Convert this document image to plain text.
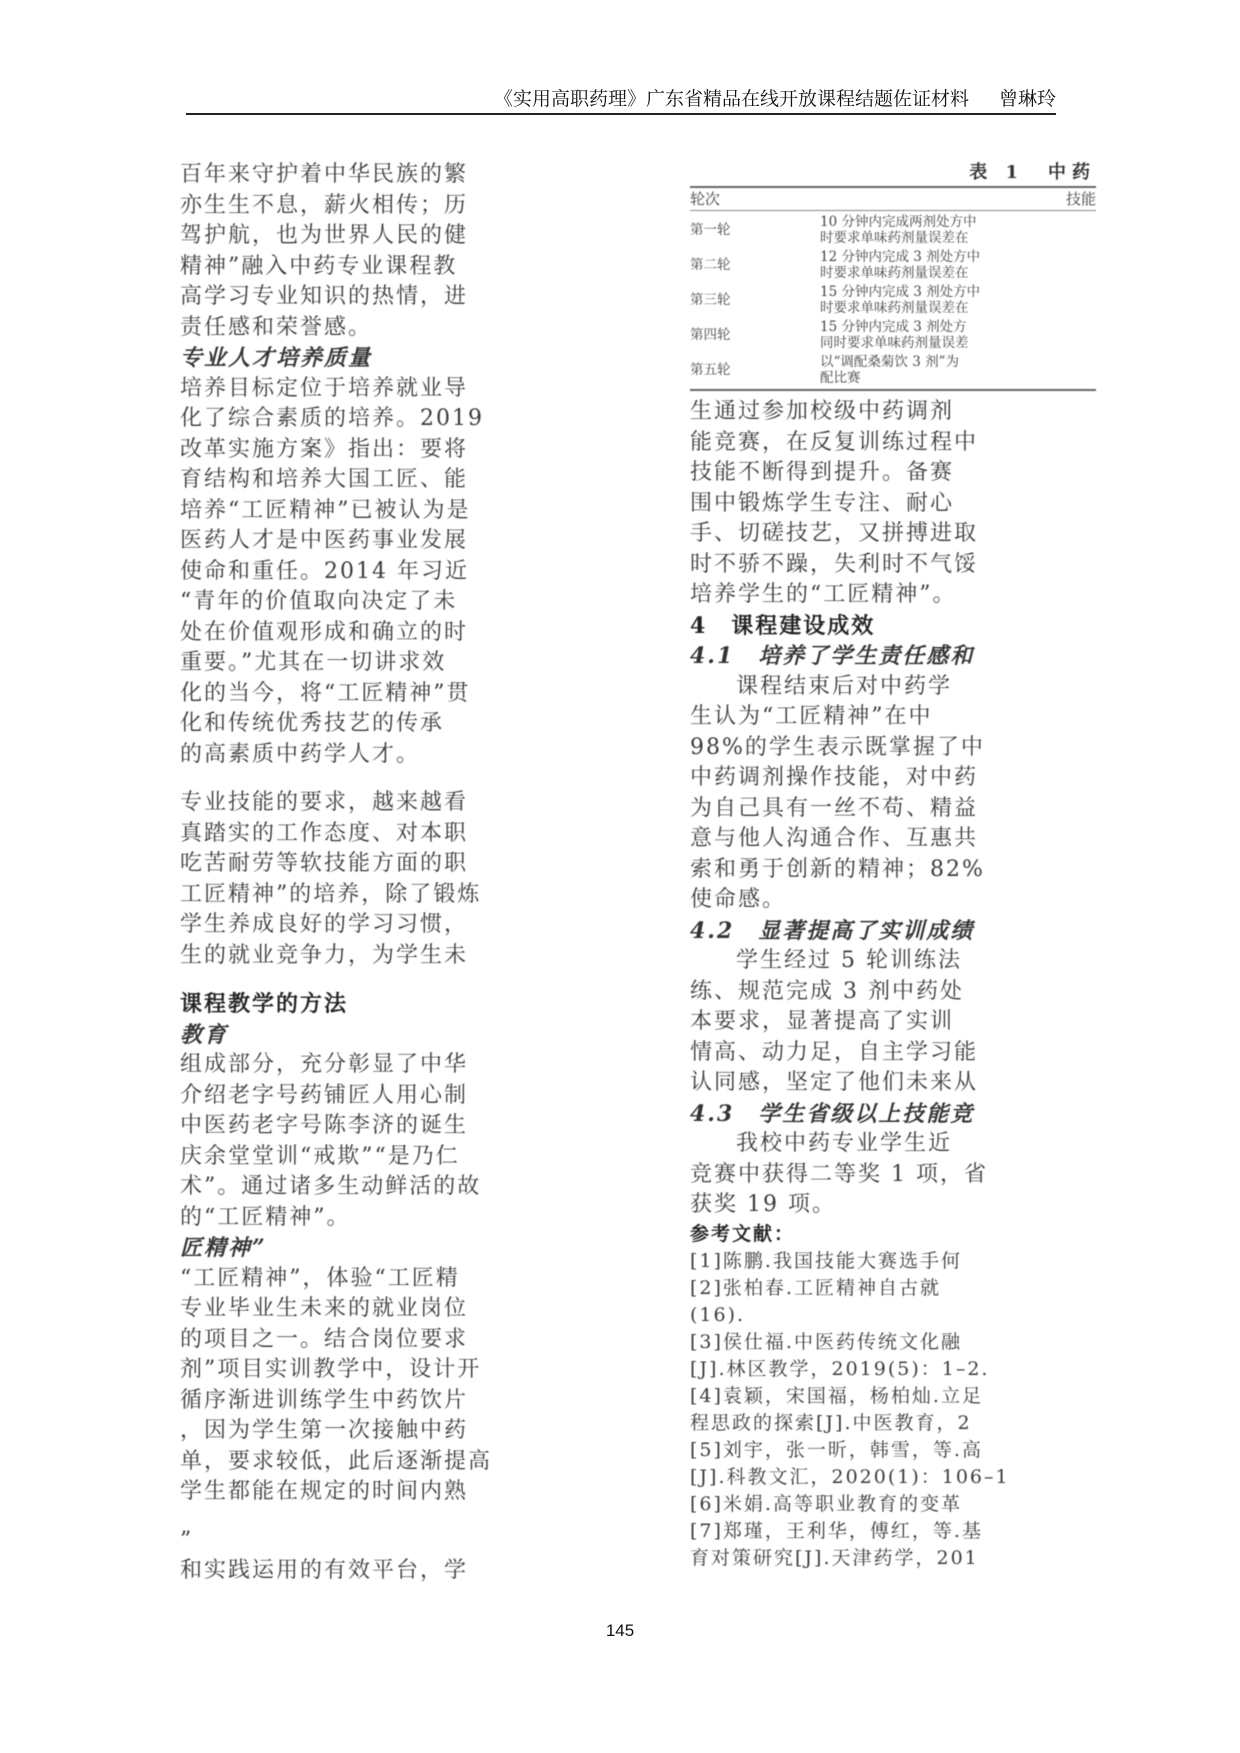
《实用高职药理》广东省精品在线开放课程结题佐证材料 曾琳玲
百年来守护着中华民族的繁
亦生生不息，薪火相传；历
驾护航，也为世界人民的健
精神”融入中药专业课程教
高学习专业知识的热情，进
责任感和荣誉感。
专业人才培养质量
培养目标定位于培养就业导
化了综合素质的培养。2019
改革实施方案》指出：要将
育结构和培养大国工匠、能
培养“工匠精神”已被认为是
医药人才是中医药事业发展
使命和重任。2014 年习近
“青年的价值取向决定了未
处在价值观形成和确立的时
重要。”尤其在一切讲求效
化的当今，将“工匠精神”贯
化和传统优秀技艺的传承
的高素质中药学人才。
专业技能的要求，越来越看
真踏实的工作态度、对本职
吃苦耐劳等软技能方面的职
工匠精神”的培养，除了锻炼
学生养成良好的学习习惯，
生的就业竞争力，为学生未
课程教学的方法
教育
组成部分，充分彰显了中华
介绍老字号药铺匠人用心制
中医药老字号陈李济的诞生
庆余堂堂训“戒欺”“是乃仁
术”。通过诸多生动鲜活的故
的“工匠精神”。
匠精神”
“工匠精神”，体验“工匠精
专业毕业生未来的就业岗位
的项目之一。结合岗位要求
剂”项目实训教学中，设计开
循序渐进训练学生中药饮片
，因为学生第一次接触中药
单，要求较低，此后逐渐提高
学生都能在规定的时间内熟
”
和实践运用的有效平台，学
表 1　中药
轮次	技能
第一轮	10 分钟内完成两剂处方中
时要求单味药剂量误差在
第二轮	12 分钟内完成 3 剂处方中
时要求单味药剂量误差在
第三轮	15 分钟内完成 3 剂处方中
时要求单味药剂量误差在
第四轮	15 分钟内完成 3 剂处方
同时要求单味药剂量误差
第五轮	以“调配桑菊饮 3 剂”为
配比赛
生通过参加校级中药调剂
能竞赛，在反复训练过程中
技能不断得到提升。备赛
围中锻炼学生专注、耐心
手、切磋技艺，又拼搏进取
时不骄不躁，失利时不气馁
培养学生的“工匠精神”。
4　课程建设成效
4.1　培养了学生责任感和
课程结束后对中药学
生认为“工匠精神”在中
98%的学生表示既掌握了中
中药调剂操作技能，对中药
为自己具有一丝不苟、精益
意与他人沟通合作、互惠共
索和勇于创新的精神；82%
使命感。
4.2　显著提高了实训成绩
学生经过 5 轮训练法
练、规范完成 3 剂中药处
本要求，显著提高了实训
情高、动力足，自主学习能
认同感，坚定了他们未来从
4.3　学生省级以上技能竞
我校中药专业学生近
竞赛中获得二等奖 1 项，省
获奖 19 项。
参考文献：
[1]陈鹏.我国技能大赛选手何
[2]张柏春.工匠精神自古就
(16).
[3]侯仕福.中医药传统文化融
[J].林区教学，2019(5)：1–2.
[4]袁颖，宋国福，杨柏灿.立足
程思政的探索[J].中医教育，2
[5]刘宇，张一昕，韩雪，等.高
[J].科教文汇，2020(1)：106–1
[6]米娟.高等职业教育的变革
[7]郑瑾，王利华，傅红，等.基
育对策研究[J].天津药学，201
145
